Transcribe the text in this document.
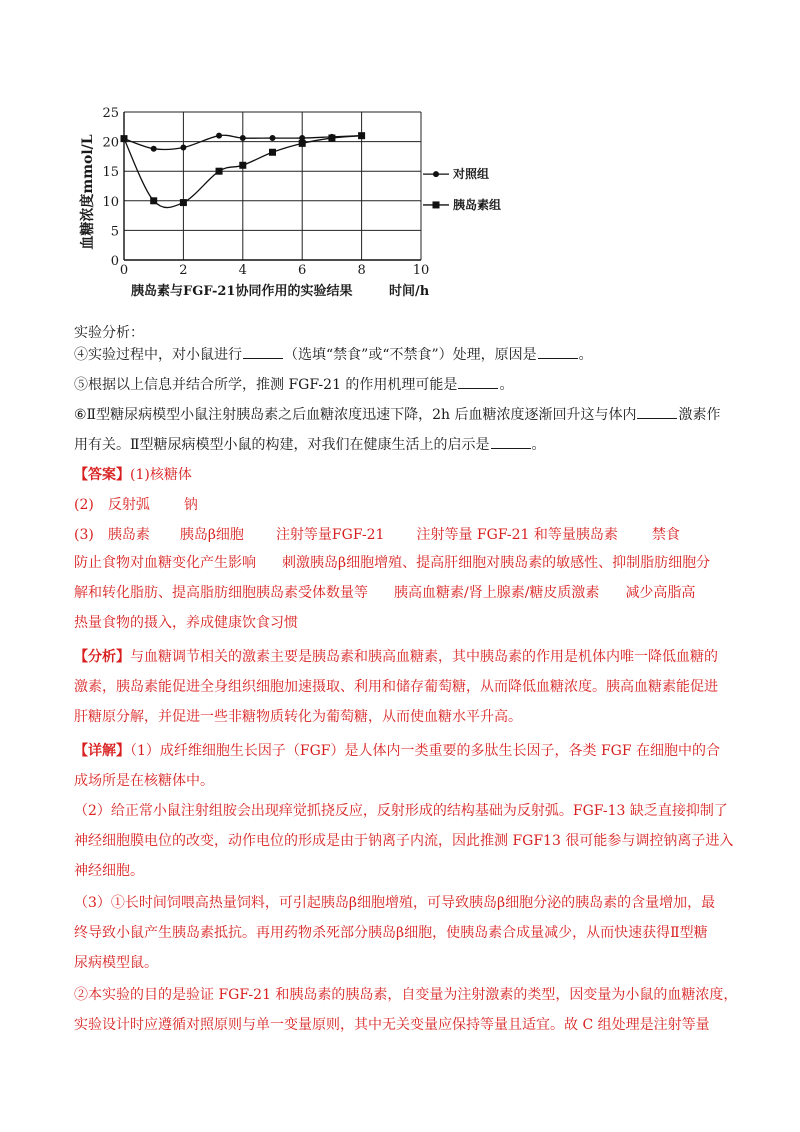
0
5
10
15
20
25
0	2	4	6	8	10
对照组
胰岛素组
血糖浓度mmol/L
胰岛素与FGF-21协同作用的实验结果	时间/h
实验分析：
④实验过程中，对小鼠进行	（选填“禁食”或“不禁食”）处理，原因是	。
⑤根据以上信息并结合所学，推测 FGF-21 的作用机理可能是	。
⑥Ⅱ型糖尿病模型小鼠注射胰岛素之后血糖浓度迅速下降，2h 后血糖浓度逐渐回升这与体内	激素作
用有关。Ⅱ型糖尿病模型小鼠的构建，对我们在健康生活上的启示是	。
【答案】(1)核糖体
(2) 反射弧 钠
(3) 胰岛素 胰岛β细胞 注射等量FGF-21 注射等量 FGF-21 和等量胰岛素 禁食
防止食物对血糖变化产生影响 刺激胰岛β细胞增殖、提高肝细胞对胰岛素的敏感性、抑制脂肪细胞分
解和转化脂肪、提高脂肪细胞胰岛素受体数量等 胰高血糖素/肾上腺素/糖皮质激素 减少高脂高
热量食物的摄入，养成健康饮食习惯
【分析】与血糖调节相关的激素主要是胰岛素和胰高血糖素，其中胰岛素的作用是机体内唯一降低血糖的
激素，胰岛素能促进全身组织细胞加速摄取、利用和储存葡萄糖，从而降低血糖浓度。胰高血糖素能促进
肝糖原分解，并促进一些非糖物质转化为葡萄糖，从而使血糖水平升高。
【详解】（1）成纤维细胞生长因子（FGF）是人体内一类重要的多肽生长因子，各类 FGF 在细胞中的合
成场所是在核糖体中。
（2）给正常小鼠注射组胺会出现痒觉抓挠反应，反射形成的结构基础为反射弧。FGF-13 缺乏直接抑制了
神经细胞膜电位的改变，动作电位的形成是由于钠离子内流，因此推测 FGF13 很可能参与调控钠离子进入
神经细胞。
（3）①长时间饲喂高热量饲料，可引起胰岛β细胞增殖，可导致胰岛β细胞分泌的胰岛素的含量增加，最
终导致小鼠产生胰岛素抵抗。再用药物杀死部分胰岛β细胞，使胰岛素合成量减少，从而快速获得Ⅱ型糖
尿病模型鼠。
②本实验的目的是验证 FGF-21 和胰岛素的胰岛素，自变量为注射激素的类型，因变量为小鼠的血糖浓度，
实验设计时应遵循对照原则与单一变量原则，其中无关变量应保持等量且适宜。故 C 组处理是注射等量
